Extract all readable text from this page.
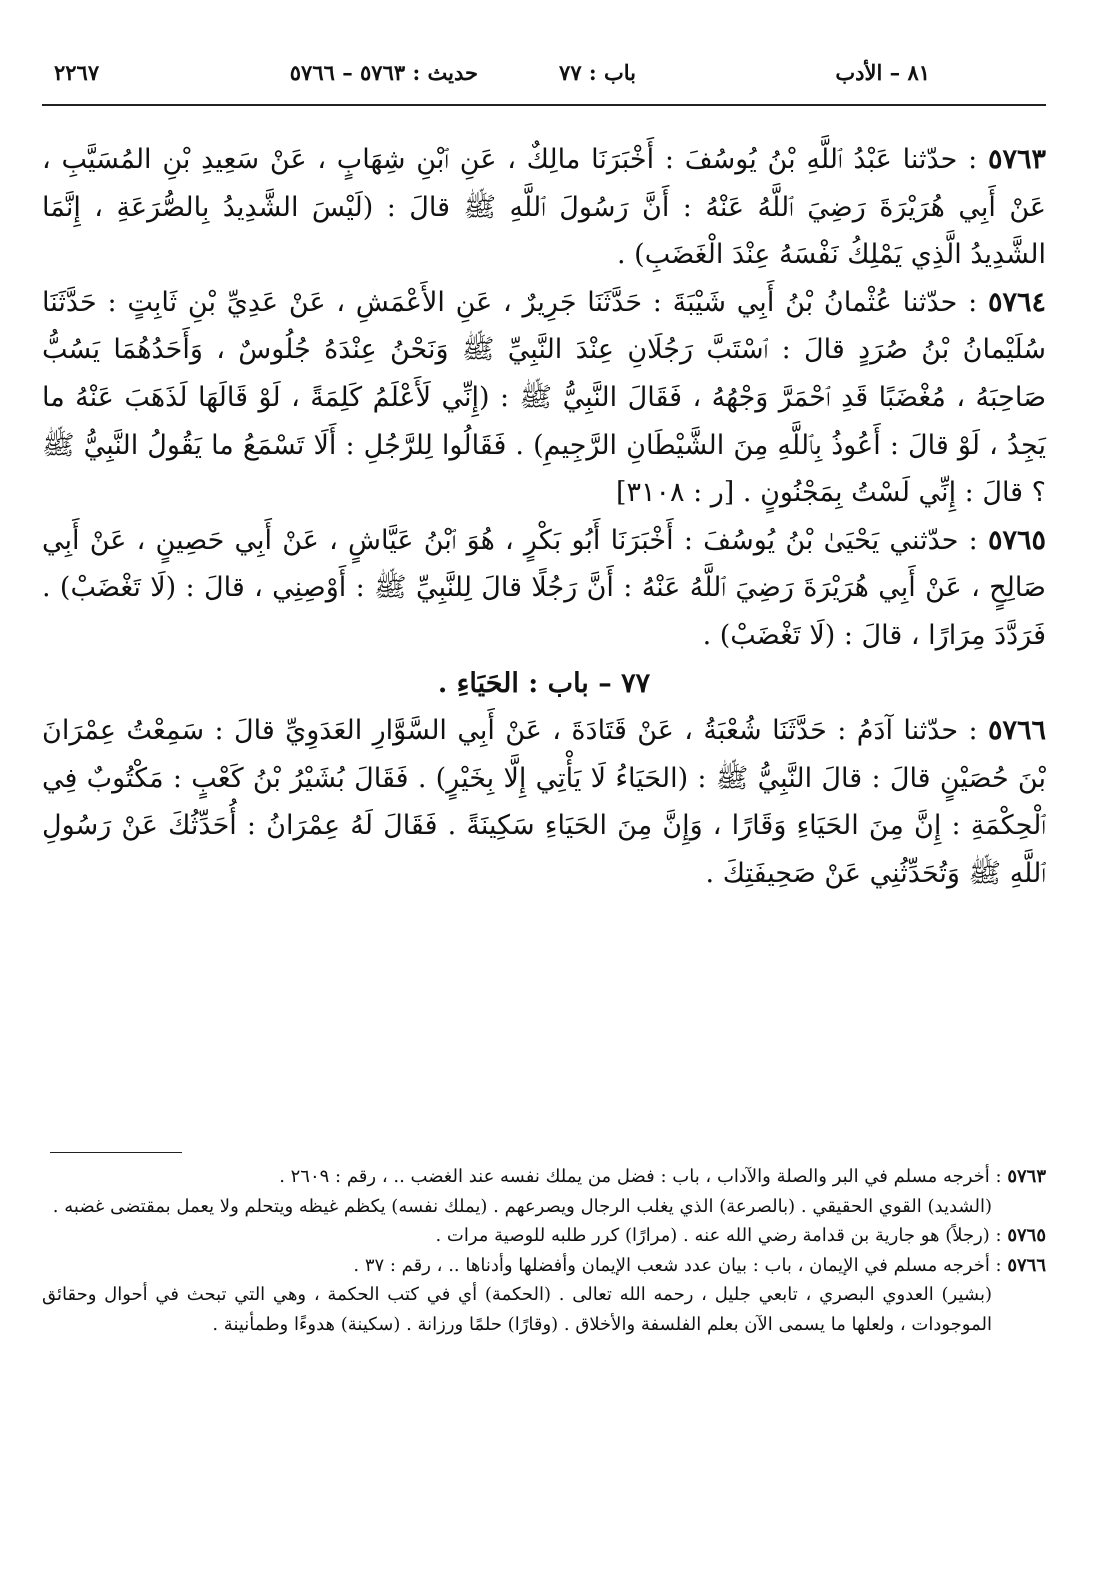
٨١ – الأدب
باب : ٧٧
حديث : ٥٧٦٣ – ٥٧٦٦
٢٢٦٧

٥٧٦٣ : حدّثنا عَبْدُ ٱللَّهِ بْنُ يُوسُفَ : أَخْبَرَنَا مالِكٌ ، عَنِ ٱبْنِ شِهَابٍ ، عَنْ سَعِيدِ بْنِ المُسَيَّبِ ، عَنْ أَبِي هُرَيْرَةَ رَضِيَ ٱللَّهُ عَنْهُ : أَنَّ رَسُولَ ٱللَّهِ ﷺ قالَ : (لَيْسَ الشَّدِيدُ بِالصُّرَعَةِ ، إِنَّمَا الشَّدِيدُ الَّذِي يَمْلِكُ نَفْسَهُ عِنْدَ الْغَضَبِ) .

٥٧٦٤ : حدّثنا عُثْمانُ بْنُ أَبِي شَيْبَةَ : حَدَّثَنَا جَرِيرٌ ، عَنِ الأَعْمَشِ ، عَنْ عَدِيِّ بْنِ ثَابِتٍ : حَدَّثَنَا سُلَيْمانُ بْنُ صُرَدٍ قالَ : ٱسْتَبَّ رَجُلَانِ عِنْدَ النَّبِيِّ ﷺ وَنَحْنُ عِنْدَهُ جُلُوسٌ ، وَأَحَدُهُمَا يَسُبُّ صَاحِبَهُ ، مُغْضَبًا قَدِ ٱحْمَرَّ وَجْهُهُ ، فَقَالَ النَّبِيُّ ﷺ : (إِنِّي لَأَعْلَمُ كَلِمَةً ، لَوْ قَالَهَا لَذَهَبَ عَنْهُ ما يَجِدُ ، لَوْ قالَ : أَعُوذُ بِٱللَّهِ مِنَ الشَّيْطَانِ الرَّجِيمِ) . فَقَالُوا لِلرَّجُلِ : أَلَا تَسْمَعُ ما يَقُولُ النَّبِيُّ ﷺ ؟ قالَ : إِنِّي لَسْتُ بِمَجْنُونٍ . [ر : ٣١٠٨]

٥٧٦٥ : حدّثني يَحْيَىٰ بْنُ يُوسُفَ : أَخْبَرَنَا أَبُو بَكْرٍ ، هُوَ ٱبْنُ عَيَّاشٍ ، عَنْ أَبِي حَصِينٍ ، عَنْ أَبِي صَالِحٍ ، عَنْ أَبِي هُرَيْرَةَ رَضِيَ ٱللَّهُ عَنْهُ : أَنَّ رَجُلًا قالَ لِلنَّبِيِّ ﷺ : أَوْصِنِي ، قالَ : (لَا تَغْضَبْ) . فَرَدَّدَ مِرَارًا ، قالَ : (لَا تَغْضَبْ) .

٧٧ – باب : الحَيَاءِ .

٥٧٦٦ : حدّثنا آدَمُ : حَدَّثَنَا شُعْبَةُ ، عَنْ قَتَادَةَ ، عَنْ أَبِي السَّوَّارِ العَدَوِيِّ قالَ : سَمِعْتُ عِمْرَانَ بْنَ حُصَيْنٍ قالَ : قالَ النَّبِيُّ ﷺ : (الحَيَاءُ لَا يَأْتِي إِلَّا بِخَيْرٍ) . فَقَالَ بُشَيْرُ بْنُ كَعْبٍ : مَكْتُوبٌ فِي ٱلْحِكْمَةِ : إِنَّ مِنَ الحَيَاءِ وَقَارًا ، وَإِنَّ مِنَ الحَيَاءِ سَكِينَةً . فَقَالَ لَهُ عِمْرَانُ : أُحَدِّثُكَ عَنْ رَسُولِ ٱللَّهِ ﷺ وَتُحَدِّثُنِي عَنْ صَحِيفَتِكَ .

٥٧٦٣ : أخرجه مسلم في البر والصلة والآداب ، باب : فضل من يملك نفسه عند الغضب .. ، رقم : ٢٦٠٩ .

(الشديد) القوي الحقيقي . (بالصرعة) الذي يغلب الرجال ويصرعهم . (يملك نفسه) يكظم غيظه ويتحلم ولا يعمل بمقتضى غضبه .

٥٧٦٥ : (رجلاً) هو جارية بن قدامة رضي الله عنه . (مرارًا) كرر طلبه للوصية مرات .

٥٧٦٦ : أخرجه مسلم في الإيمان ، باب : بيان عدد شعب الإيمان وأفضلها وأدناها .. ، رقم : ٣٧ .

(بشير) العدوي البصري ، تابعي جليل ، رحمه الله تعالى . (الحكمة) أي في كتب الحكمة ، وهي التي تبحث في أحوال وحقائق الموجودات ، ولعلها ما يسمى الآن بعلم الفلسفة والأخلاق . (وقارًا) حلمًا ورزانة . (سكينة) هدوءًا وطمأنينة .
